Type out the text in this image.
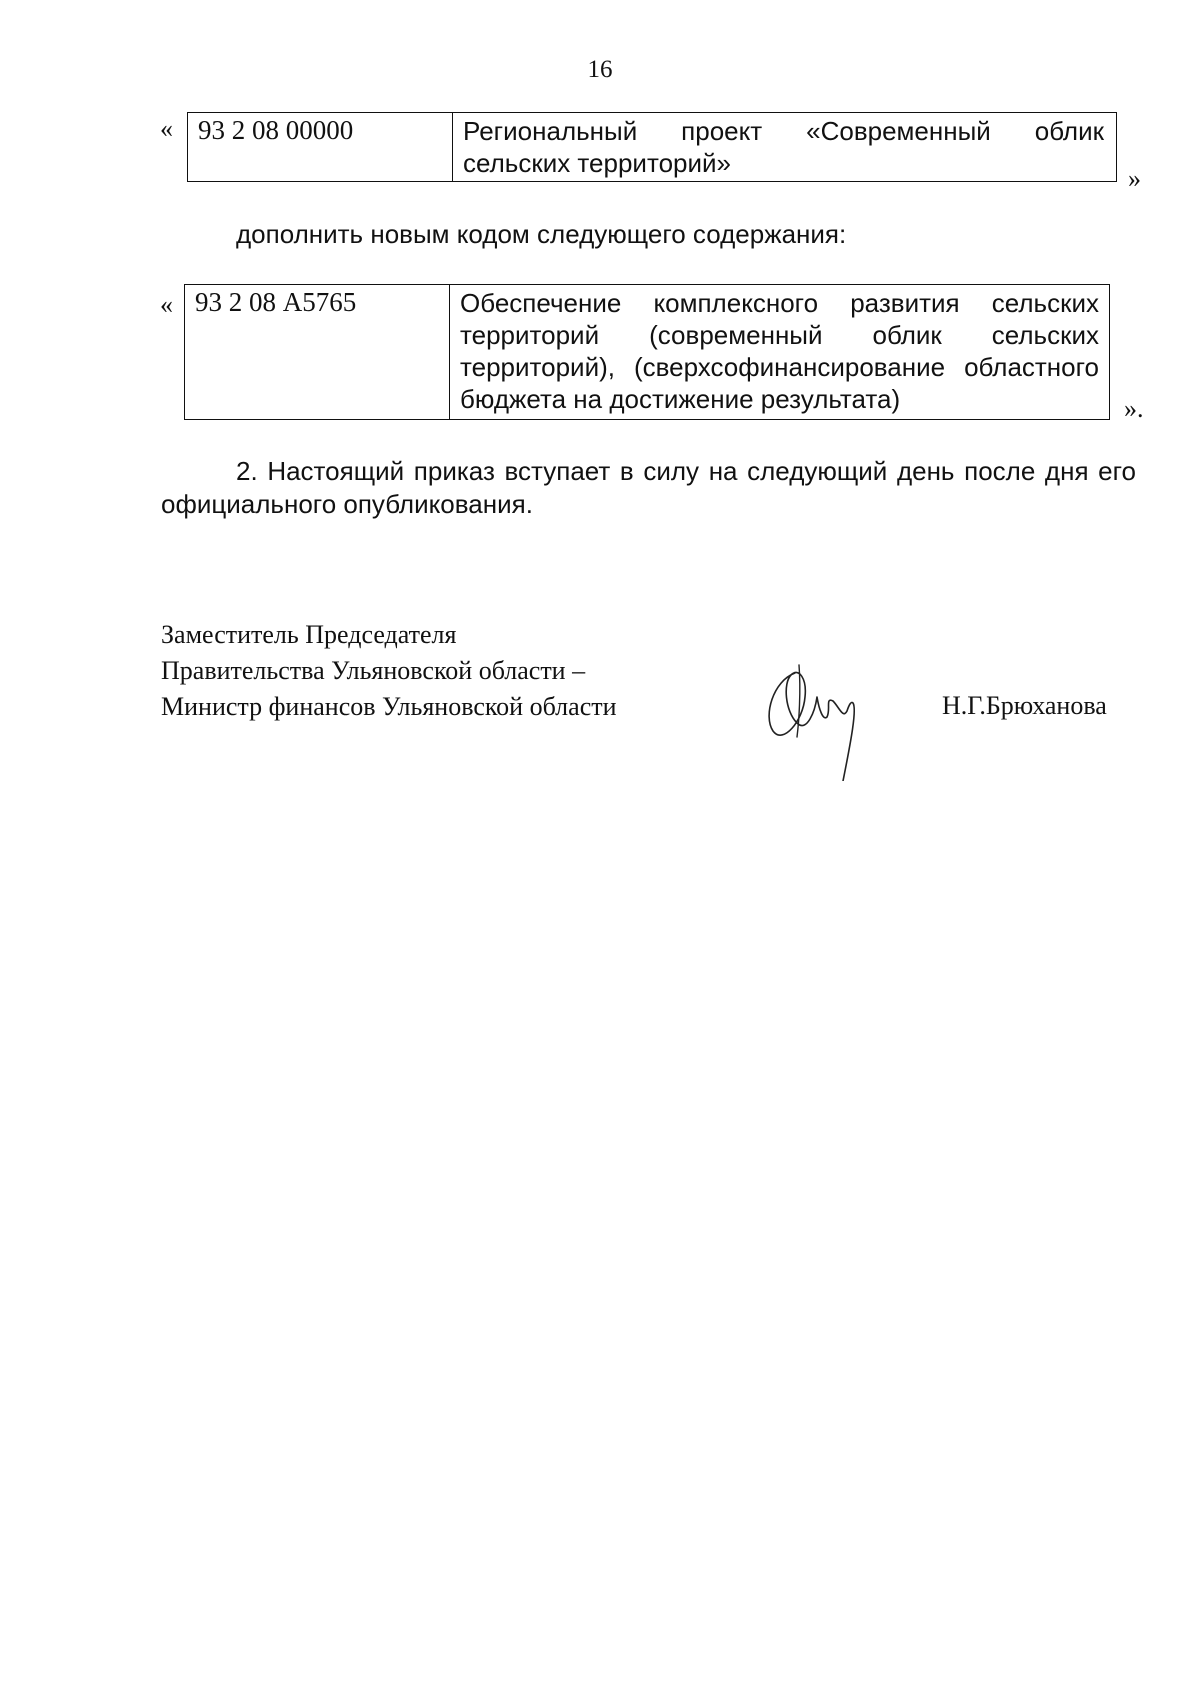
16
« 93 2 08 00000	Региональный проект «Современный облик сельских территорий»
»
дополнить новым кодом следующего содержания:
« 93 2 08 А5765	Обеспечение комплексного развития сельских территорий (современный облик сельских территорий), (сверхсофинансирование областного бюджета на достижение результата)	».
2. Настоящий приказ вступает в силу на следующий день после дня его официального опубликования.
Заместитель Председателя
Правительства Ульяновской области –
Министр финансов Ульяновской области	Н.Г.Брюханова
